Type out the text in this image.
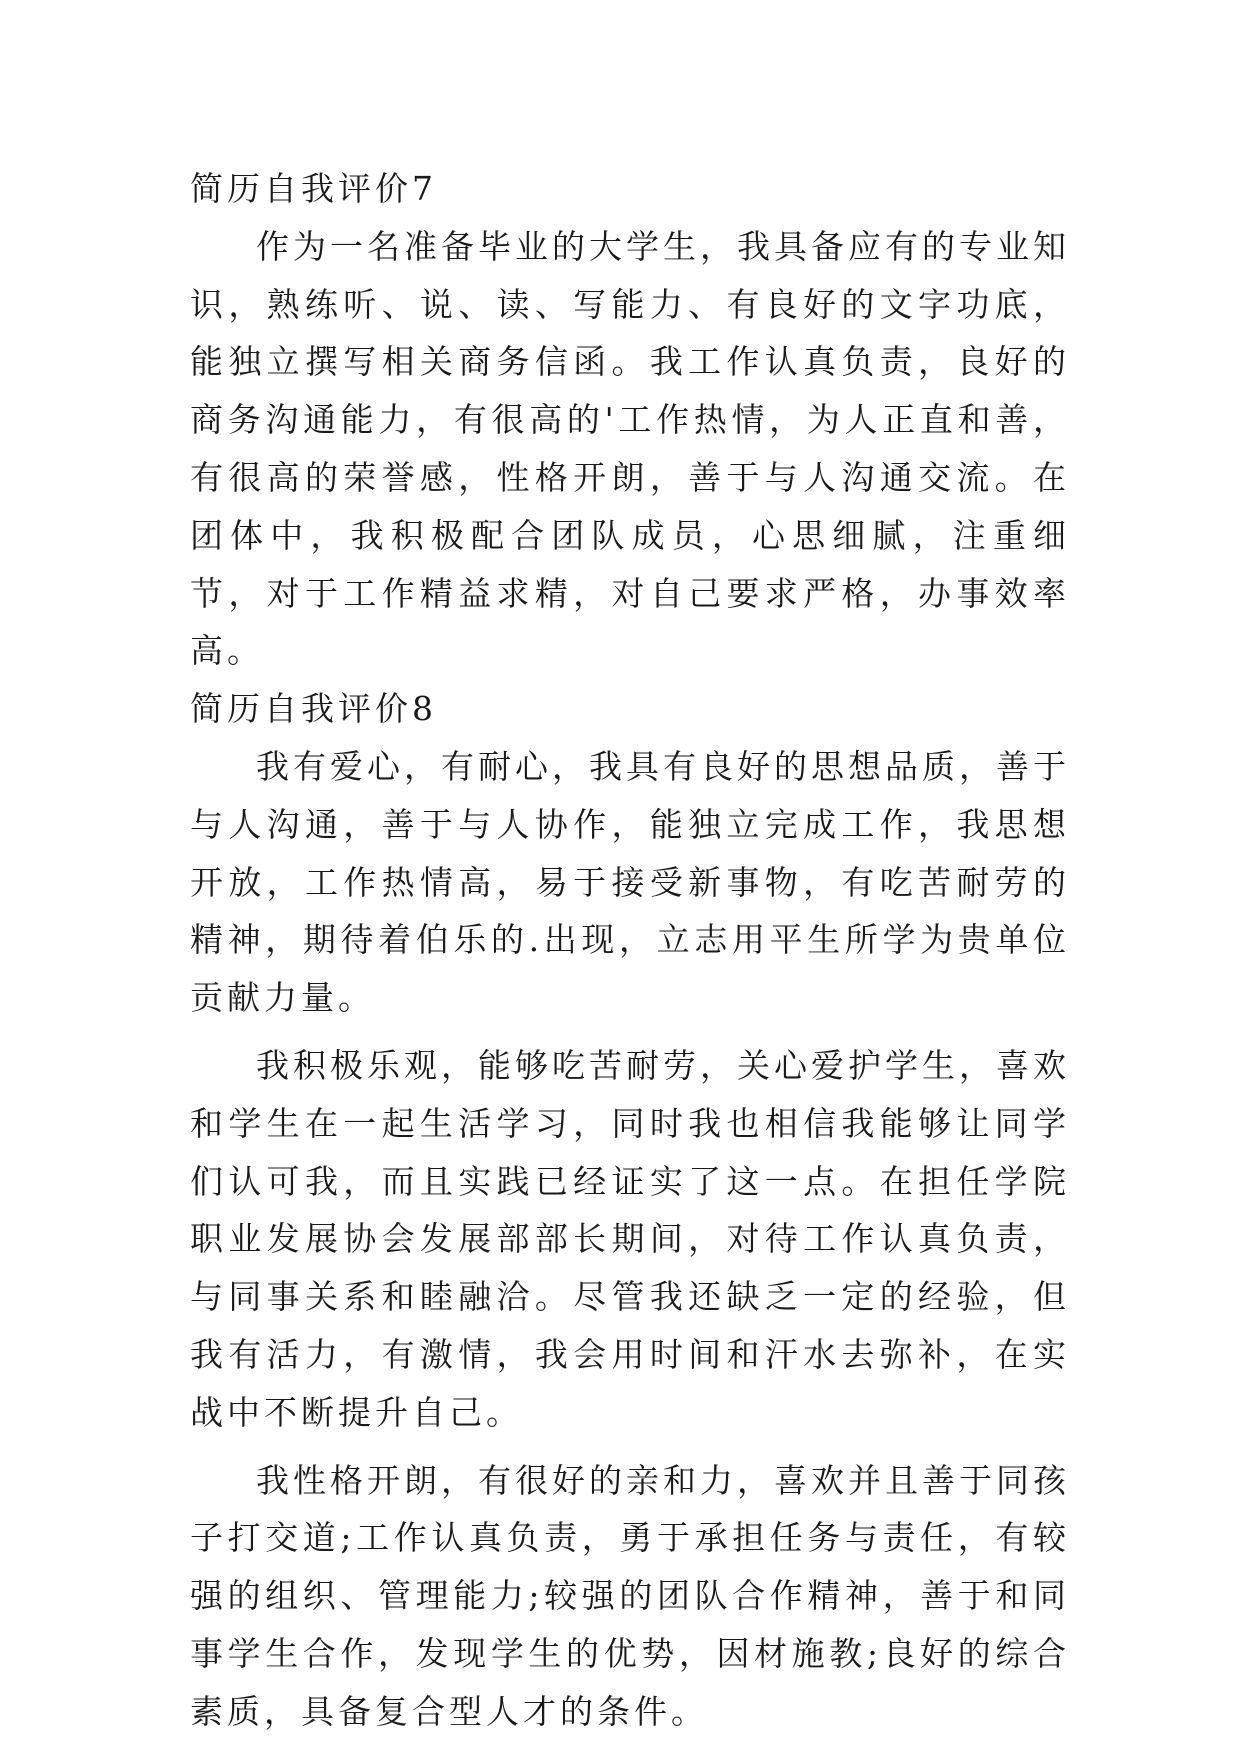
简历自我评价7

作为一名准备毕业的大学生，我具备应有的专业知识，熟练听、说、读、写能力、有良好的文字功底，能独立撰写相关商务信函。我工作认真负责，良好的商务沟通能力，有很高的'工作热情，为人正直和善，有很高的荣誉感，性格开朗，善于与人沟通交流。在团体中，我积极配合团队成员，心思细腻，注重细节，对于工作精益求精，对自己要求严格，办事效率高。

简历自我评价8

我有爱心，有耐心，我具有良好的思想品质，善于与人沟通，善于与人协作，能独立完成工作，我思想开放，工作热情高，易于接受新事物，有吃苦耐劳的精神，期待着伯乐的.出现，立志用平生所学为贵单位贡献力量。

我积极乐观，能够吃苦耐劳，关心爱护学生，喜欢和学生在一起生活学习，同时我也相信我能够让同学们认可我，而且实践已经证实了这一点。在担任学院职业发展协会发展部部长期间，对待工作认真负责，与同事关系和睦融洽。尽管我还缺乏一定的经验，但我有活力，有激情，我会用时间和汗水去弥补，在实战中不断提升自己。

我性格开朗，有很好的亲和力，喜欢并且善于同孩子打交道;工作认真负责，勇于承担任务与责任，有较强的组织、管理能力;较强的团队合作精神，善于和同事学生合作，发现学生的优势，因材施教;良好的综合素质，具备复合型人才的条件。
